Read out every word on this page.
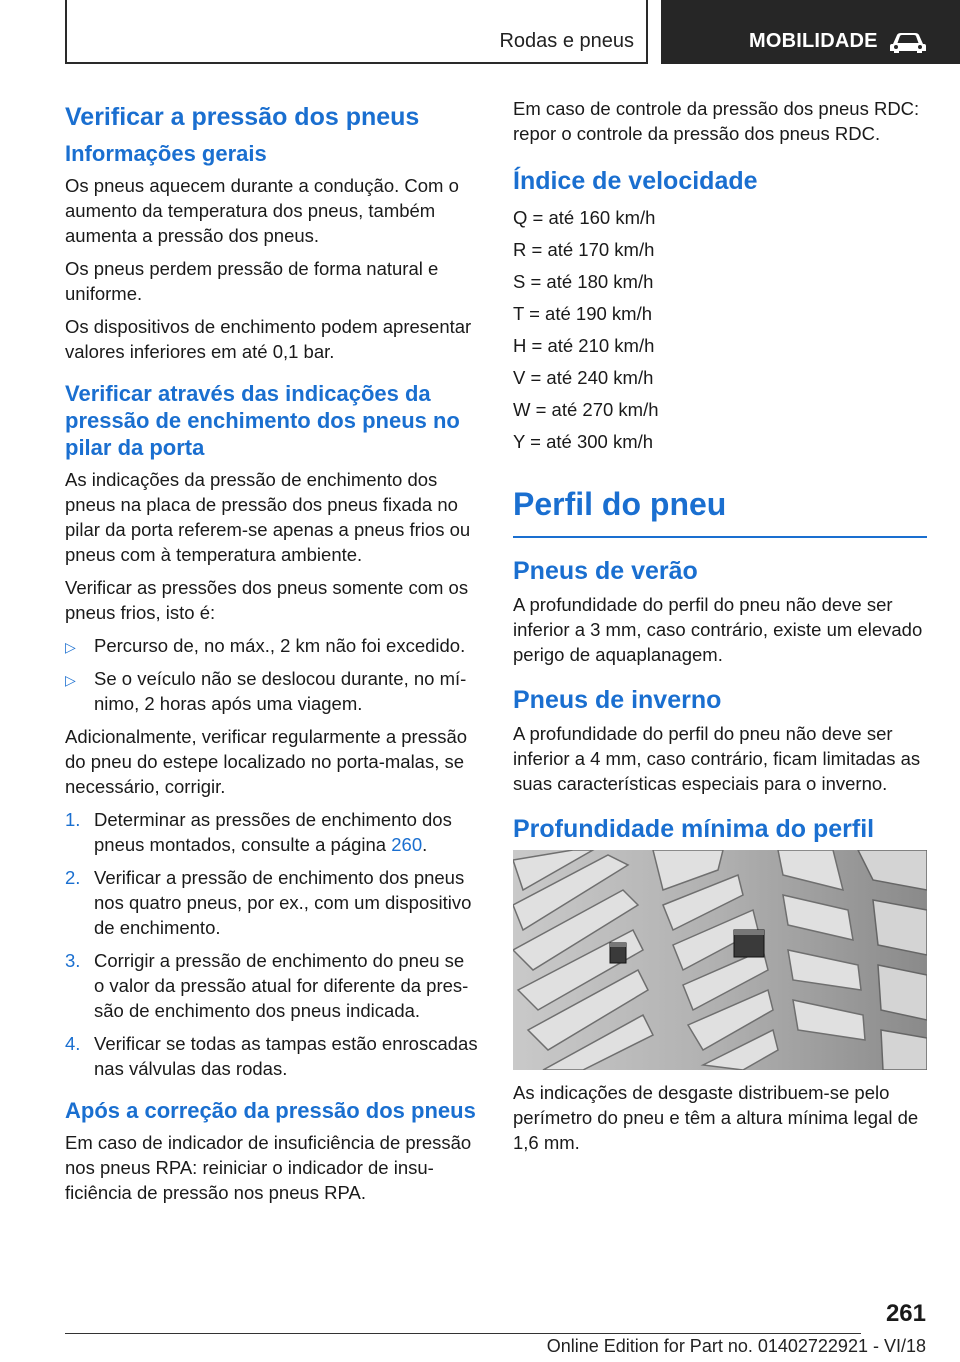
Rodas e pneus	MOBILIDADE
Verificar a pressão dos pneus
Informações gerais

Os pneus aquecem durante a condução. Com o aumento da temperatura dos pneus, também aumenta a pressão dos pneus.

Os pneus perdem pressão de forma natural e uniforme.

Os dispositivos de enchimento podem apresentar valores inferiores em até 0,1 bar.

Verificar através das indicações da pressão de enchimento dos pneus no pilar da porta

As indicações da pressão de enchimento dos pneus na placa de pressão dos pneus fixada no pilar da porta referem-se apenas a pneus frios ou pneus com à temperatura ambiente.

Verificar as pressões dos pneus somente com os pneus frios, isto é:

▷ Percurso de, no máx., 2 km não foi excedido.
▷ Se o veículo não se deslocou durante, no mínimo, 2 horas após uma viagem.

Adicionalmente, verificar regularmente a pressão do pneu do estepe localizado no porta-malas, se necessário, corrigir.

1. Determinar as pressões de enchimento dos pneus montados, consulte a página 260.
2. Verificar a pressão de enchimento dos pneus nos quatro pneus, por ex., com um dispositivo de enchimento.
3. Corrigir a pressão de enchimento do pneu se o valor da pressão atual for diferente da pressão de enchimento dos pneus indicada.
4. Verificar se todas as tampas estão enroscadas nas válvulas das rodas.
Após a correção da pressão dos pneus

Em caso de indicador de insuficiência de pressão nos pneus RPA: reiniciar o indicador de insuficiência de pressão nos pneus RPA.

Em caso de controle da pressão dos pneus RDC: repor o controle da pressão dos pneus RDC.

Índice de velocidade

Q = até 160 km/h

R = até 170 km/h

S = até 180 km/h

T = até 190 km/h

H = até 210 km/h

V = até 240 km/h

W = até 270 km/h

Y = até 300 km/h

Perfil do pneu
Pneus de verão

A profundidade do perfil do pneu não deve ser inferior a 3 mm, caso contrário, existe um elevado perigo de aquaplanagem.

Pneus de inverno

A profundidade do perfil do pneu não deve ser inferior a 4 mm, caso contrário, ficam limitadas as suas características especiais para o inverno.

Profundidade mínima do perfil

As indicações de desgaste distribuem-se pelo perímetro do pneu e têm a altura mínima legal de 1,6 mm.

261
Online Edition for Part no. 01402722921 - VI/18
